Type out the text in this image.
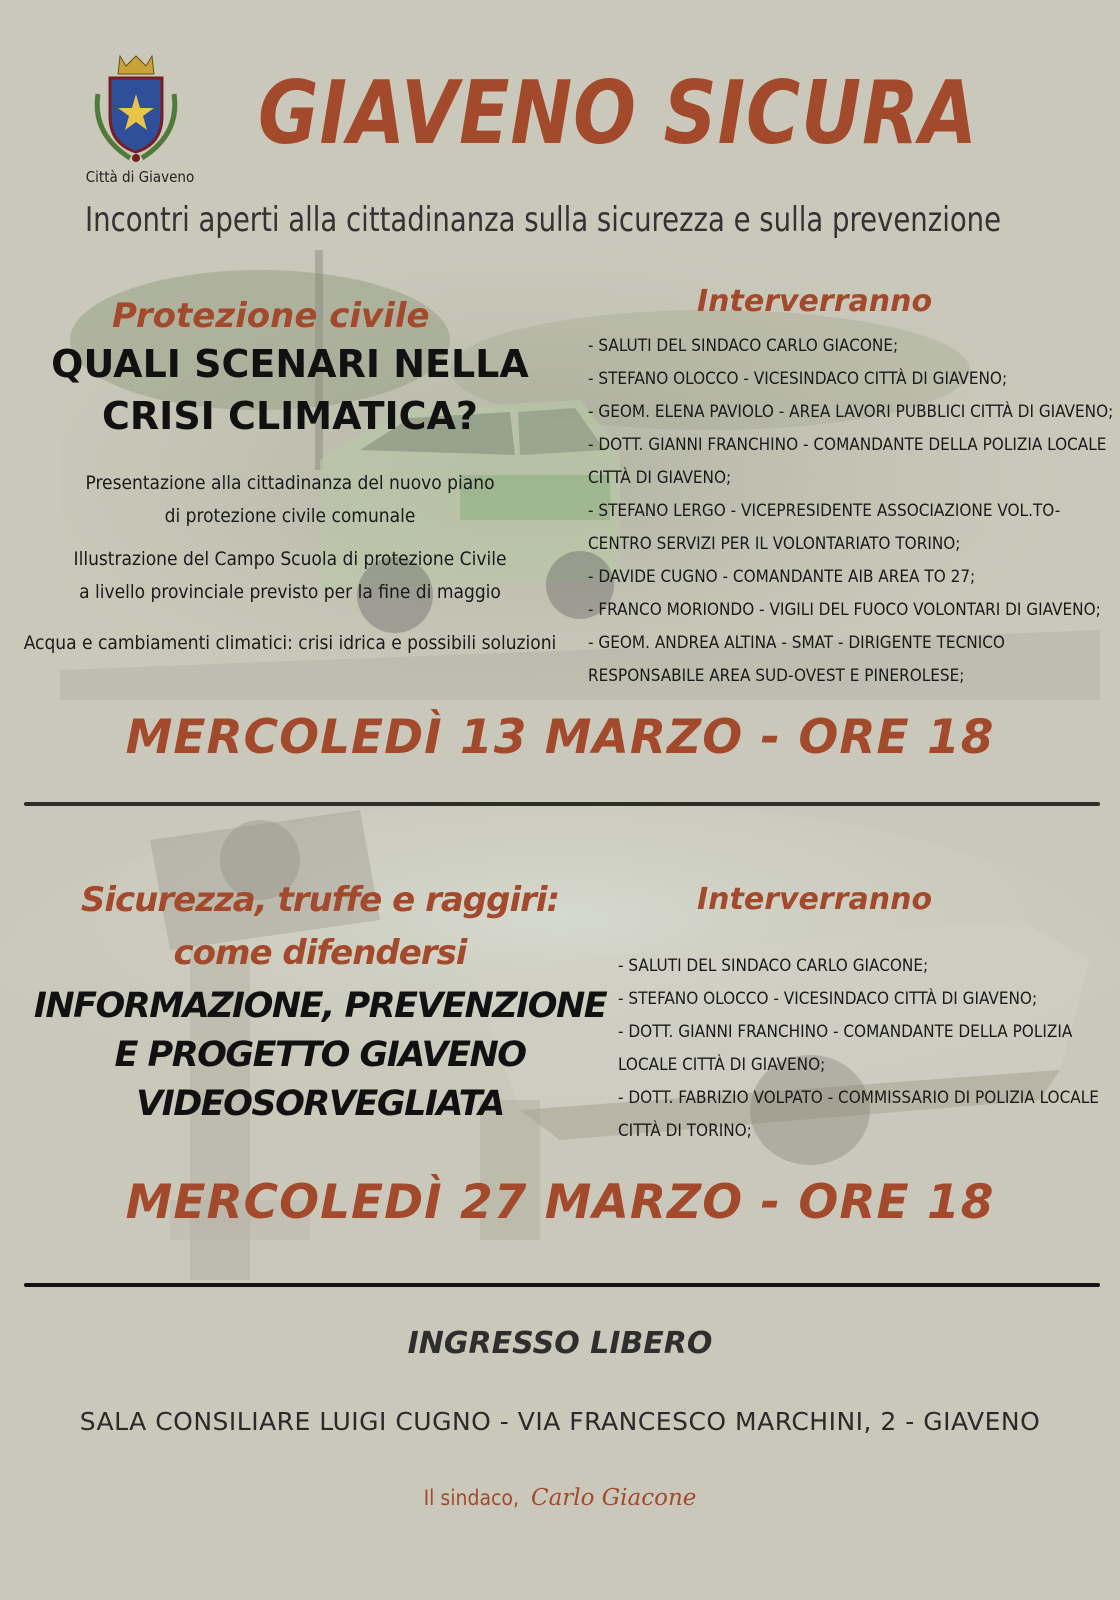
Città di Giaveno
GIAVENO SICURA
Incontri aperti alla cittadinanza sulla sicurezza e sulla prevenzione
Protezione civile
QUALI SCENARI NELLA
CRISI CLIMATICA?
Presentazione alla cittadinanza del nuovo piano
di protezione civile comunale
Illustrazione del Campo Scuola di protezione Civile
a livello provinciale previsto per la fine di maggio
Acqua e cambiamenti climatici: crisi idrica e possibili soluzioni
Interverranno
- SALUTI DEL SINDACO CARLO GIACONE;
- STEFANO OLOCCO - VICESINDACO CITTÀ DI GIAVENO;
- GEOM. ELENA PAVIOLO - AREA LAVORI PUBBLICI CITTÀ DI GIAVENO;
- DOTT. GIANNI FRANCHINO - COMANDANTE DELLA POLIZIA LOCALE
CITTÀ DI GIAVENO;
- STEFANO LERGO - VICEPRESIDENTE ASSOCIAZIONE VOL.TO-
CENTRO SERVIZI PER IL VOLONTARIATO TORINO;
- DAVIDE CUGNO - COMANDANTE AIB AREA TO 27;
- FRANCO MORIONDO - VIGILI DEL FUOCO VOLONTARI DI GIAVENO;
- GEOM. ANDREA ALTINA - SMAT - DIRIGENTE TECNICO
RESPONSABILE AREA SUD-OVEST E PINEROLESE;
MERCOLEDÌ 13 MARZO - ORE 18
Sicurezza, truffe e raggiri:
come difendersi
INFORMAZIONE, PREVENZIONE
E PROGETTO GIAVENO
VIDEOSORVEGLIATA
Interverranno
- SALUTI DEL SINDACO CARLO GIACONE;
- STEFANO OLOCCO - VICESINDACO CITTÀ DI GIAVENO;
- DOTT. GIANNI FRANCHINO - COMANDANTE DELLA POLIZIA
LOCALE CITTÀ DI GIAVENO;
- DOTT. FABRIZIO VOLPATO - COMMISSARIO DI POLIZIA LOCALE
CITTÀ DI TORINO;
MERCOLEDÌ 27 MARZO - ORE 18
INGRESSO LIBERO
SALA CONSILIARE LUIGI CUGNO - VIA FRANCESCO MARCHINI, 2 - GIAVENO
Il sindaco, Carlo Giacone
